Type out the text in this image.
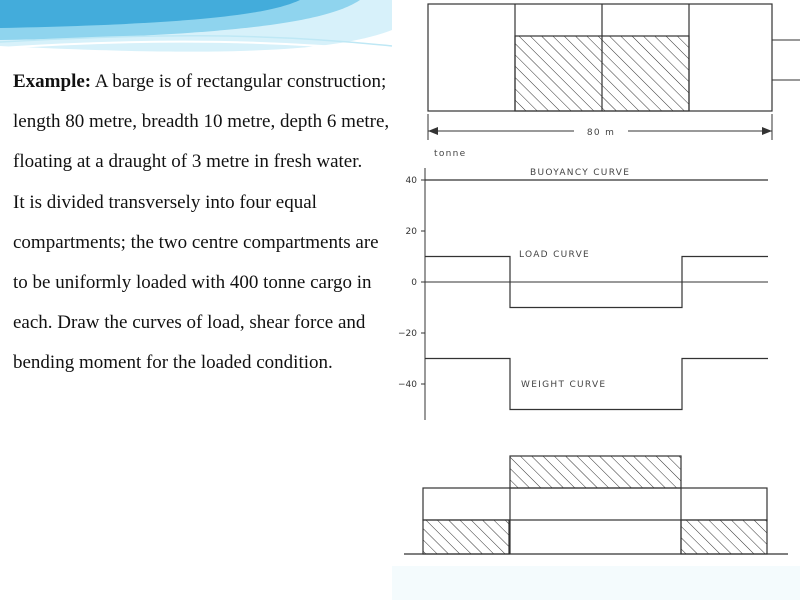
Example: A barge is of rectangular construction; length 80 metre, breadth 10 metre, depth 6 metre, floating at a draught of 3 metre in fresh water.
It is divided transversely into four equal compartments; the two centre compartments are to be uniformly loaded with 400 tonne cargo in each. Draw the curves of load, shear force and bending moment for the loaded condition.
80 m
tonne
40
20
0
−20
−40
BUOYANCY CURVE
LOAD CURVE
WEIGHT CURVE
